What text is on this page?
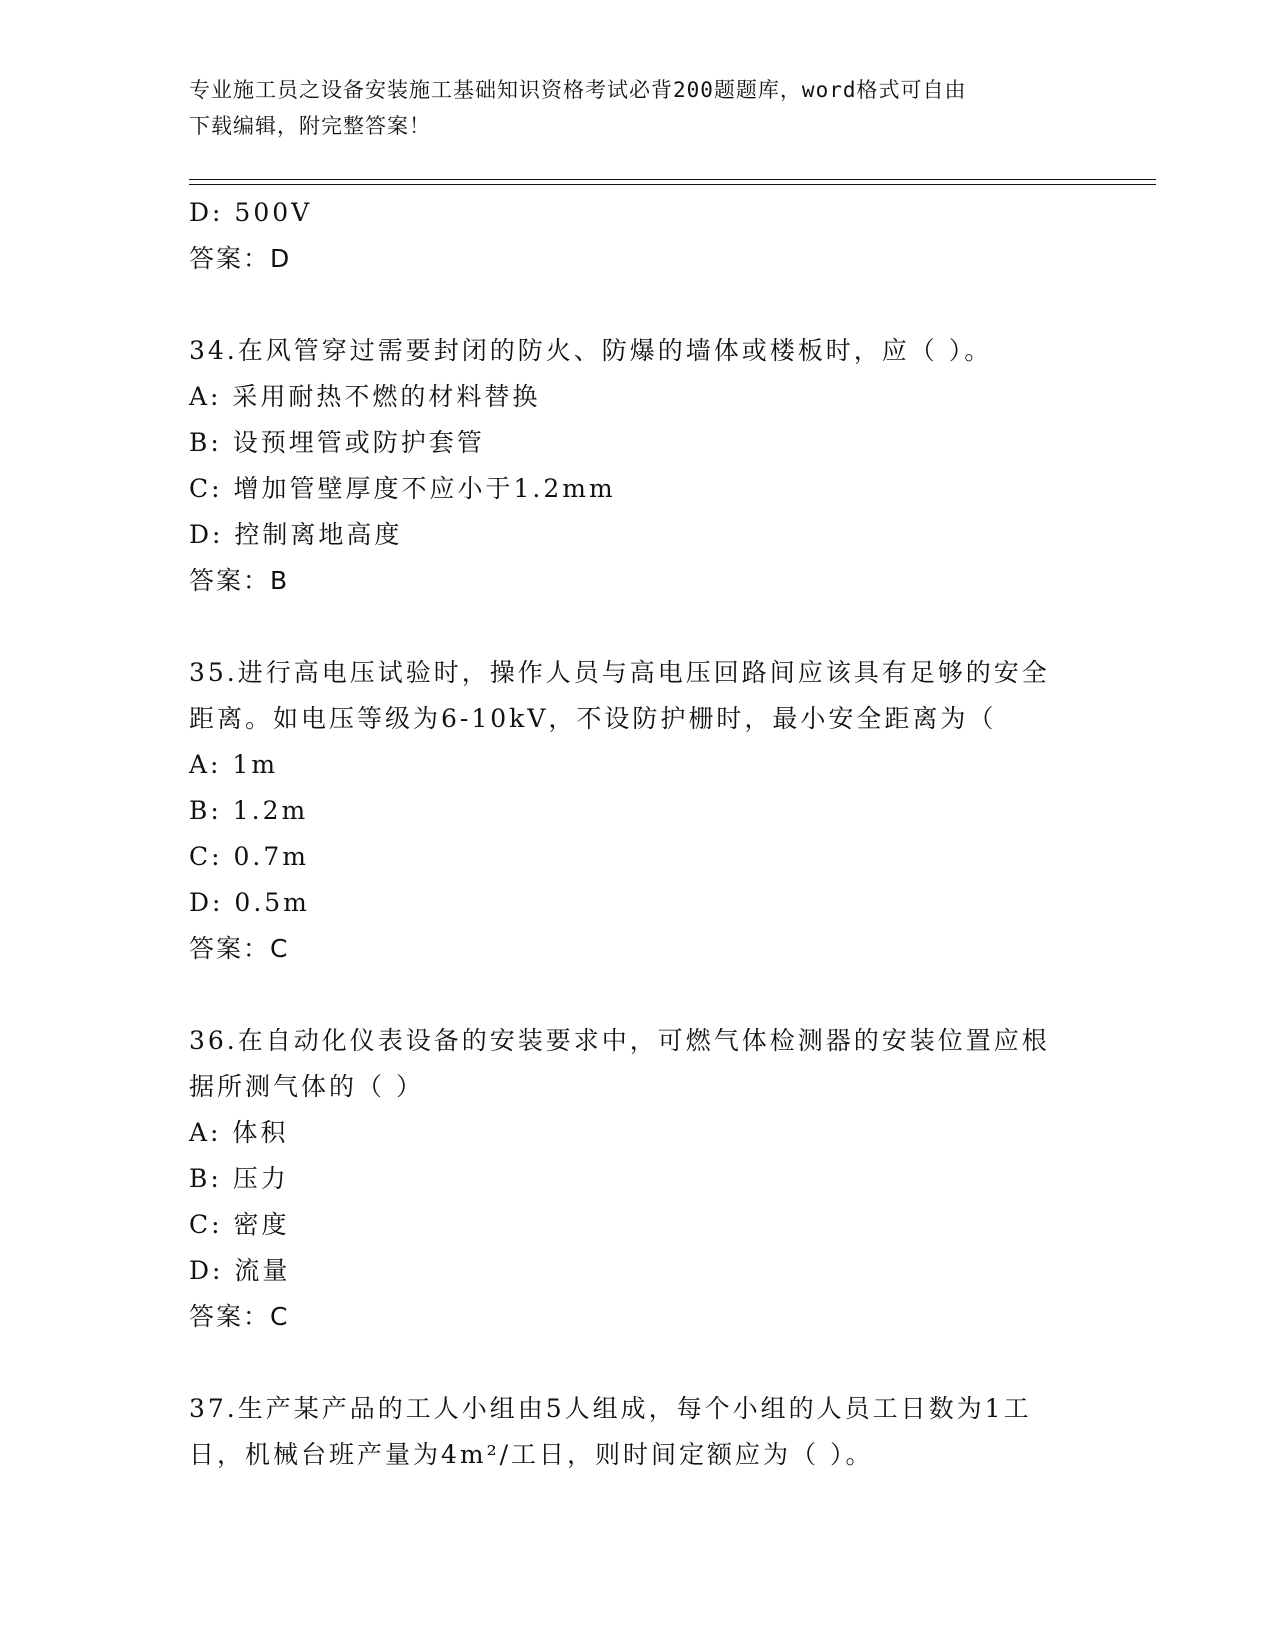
专业施工员之设备安装施工基础知识资格考试必背200题题库，word格式可自由
下载编辑，附完整答案！
D: 500V
答案：D
34.在风管穿过需要封闭的防火、防爆的墙体或楼板时，应（ ）。
A: 采用耐热不燃的材料替换
B: 设预埋管或防护套管
C: 增加管壁厚度不应小于1.2mm
D: 控制离地高度
答案：B
35.进行高电压试验时，操作人员与高电压回路间应该具有足够的安全
距离。如电压等级为6-10kV，不设防护栅时，最小安全距离为（
A: 1m
B: 1.2m
C: 0.7m
D: 0.5m
答案：C
36.在自动化仪表设备的安装要求中，可燃气体检测器的安装位置应根
据所测气体的（ ）
A: 体积
B: 压力
C: 密度
D: 流量
答案：C
37.生产某产品的工人小组由5人组成，每个小组的人员工日数为1工
日，机械台班产量为4m²/工日，则时间定额应为（ ）。
